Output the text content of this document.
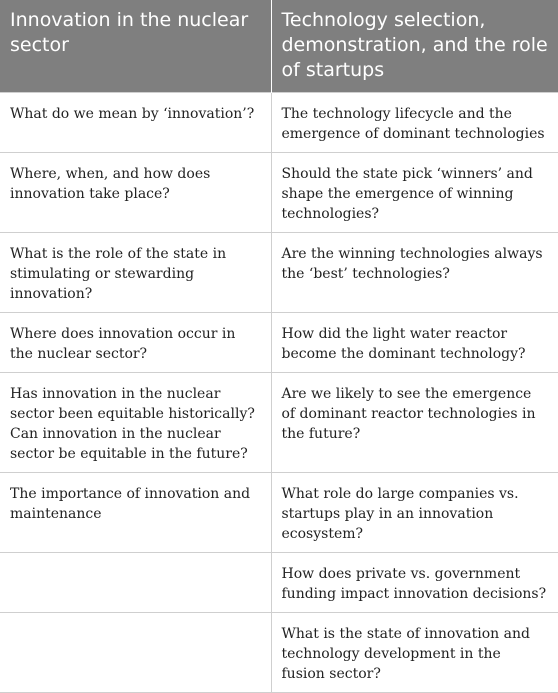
Innovation in the nuclear sector	Technology selection, demonstration, and the role of startups
What do we mean by ‘innovation’?	The technology lifecycle and the emergence of dominant technologies
Where, when, and how does innovation take place?	Should the state pick ‘winners’ and shape the emergence of winning technologies?
What is the role of the state in stimulating or stewarding innovation?	Are the winning technologies always the ‘best’ technologies?
Where does innovation occur in the nuclear sector?	How did the light water reactor become the dominant technology?
Has innovation in the nuclear sector been equitable historically? Can innovation in the nuclear sector be equitable in the future?	Are we likely to see the emergence of dominant reactor technologies in the future?
The importance of innovation and maintenance	What role do large companies vs. startups play in an innovation ecosystem?
	How does private vs. government funding impact innovation decisions?
	What is the state of innovation and technology development in the fusion sector?
